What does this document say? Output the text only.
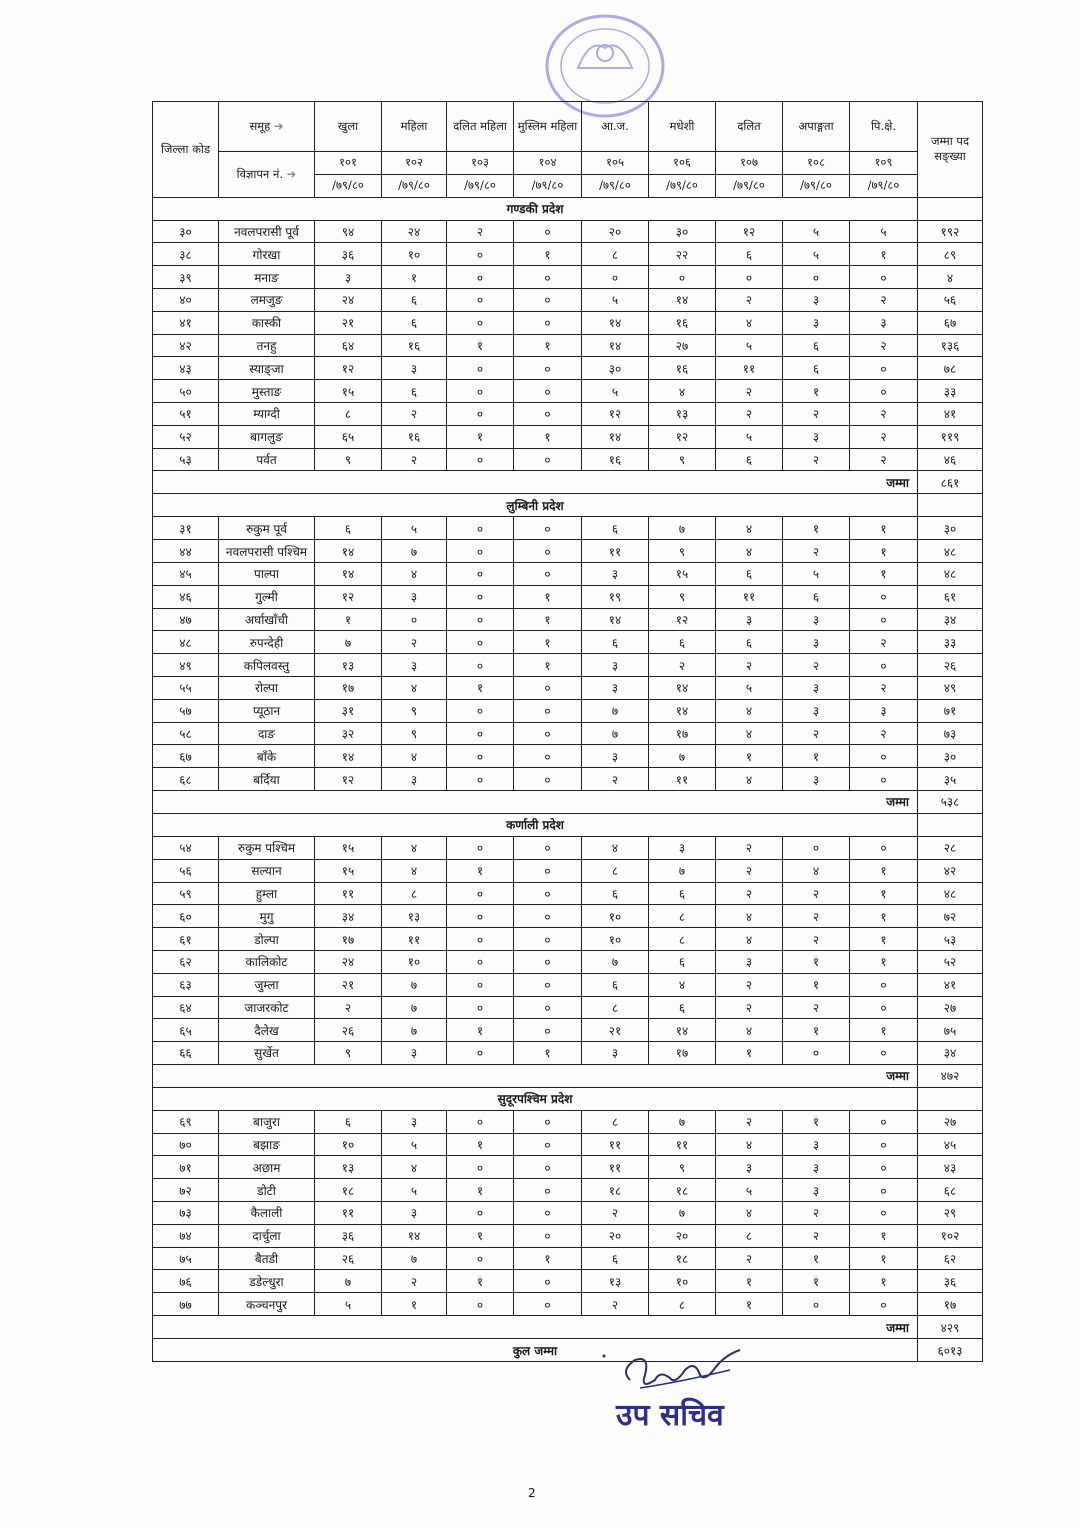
जिल्ला कोड	समूह ➜	खुला	महिला	दलित महिला	मुस्लिम महिला	आ.ज.	मधेशी	दलित	अपाङ्गता	पि.क्षे.	जम्मा पद सङ्ख्या
	विज्ञापन नं. ➜	१०१	१०२	१०३	१०४	१०५	१०६	१०७	१०८	१०९	
		/७९/८०	/७९/८०	/७९/८०	/७९/८०	/७९/८०	/७९/८०	/७९/८०	/७९/८०	/७९/८०	
गण्डकी प्रदेश											
३०	नवलपरासी पूर्व	९४	२४	२	०	२०	३०	१२	५	५	१९२
३८	गोरखा	३६	१०	०	१	८	२२	६	५	१	८९
३९	मनाङ	३	१	०	०	०	०	०	०	०	४
४०	लमजुङ	२४	६	०	०	५	१४	२	३	२	५६
४१	कास्की	२१	६	०	०	१४	१६	४	३	३	६७
४२	तनहु	६४	१६	१	१	१४	२७	५	६	२	१३६
४३	स्याङ्जा	१२	३	०	०	३०	१६	११	६	०	७८
५०	मुस्ताङ	१५	६	०	०	५	४	२	१	०	३३
५१	म्याग्दी	८	२	०	०	१२	१३	२	२	२	४१
५२	बागलुङ	६५	१६	१	१	१४	१२	५	३	२	११९
५३	पर्वत	९	२	०	०	१६	९	६	२	२	४६
जम्मा											८६१
लुम्बिनी प्रदेश											
३१	रुकुम पूर्व	६	५	०	०	६	७	४	१	१	३०
४४	नवलपरासी पश्चिम	१४	७	०	०	११	९	४	२	१	४८
४५	पाल्पा	१४	४	०	०	३	१५	६	५	१	४८
४६	गुल्मी	१२	३	०	१	१९	९	११	६	०	६१
४७	अर्घाखाँची	१	०	०	१	१४	१२	३	३	०	३४
४८	रुपन्देही	७	२	०	१	६	६	६	३	२	३३
४९	कपिलवस्तु	१३	३	०	१	३	२	२	२	०	२६
५५	रोल्पा	१७	४	१	०	३	१४	५	३	२	४९
५७	प्यूठान	३१	९	०	०	७	१४	४	३	३	७१
५८	दाङ	३२	९	०	०	७	१७	४	२	२	७३
६७	बाँके	१४	४	०	०	३	७	१	१	०	३०
६८	बर्दिया	१२	३	०	०	२	११	४	३	०	३५
जम्मा											५३८
कर्णाली प्रदेश											
५४	रुकुम पश्चिम	१५	४	०	०	४	३	२	०	०	२८
५६	सल्यान	१५	४	१	०	८	७	२	४	१	४२
५९	हुम्ला	११	८	०	०	६	६	२	२	१	४८
६०	मुगु	३४	१३	०	०	१०	८	४	२	१	७२
६१	डोल्पा	१७	११	०	०	१०	८	४	२	१	५३
६२	कालिकोट	२४	१०	०	०	७	६	३	१	१	५२
६३	जुम्ला	२१	७	०	०	६	४	२	१	०	४१
६४	जाजरकोट	२	७	०	०	८	६	२	२	०	२७
६५	दैलेख	२६	७	१	०	२१	१४	४	१	१	७५
६६	सुर्खेत	९	३	०	१	३	१७	१	०	०	३४
जम्मा											४७२
सुदूरपश्चिम प्रदेश											
६९	बाजुरा	६	३	०	०	८	७	२	१	०	२७
७०	बझाङ	१०	५	१	०	११	११	४	३	०	४५
७१	अछाम	१३	४	०	०	११	९	३	३	०	४३
७२	डोटी	१८	५	१	०	१८	१८	५	३	०	६८
७३	कैलाली	११	३	०	०	२	७	४	२	०	२९
७४	दार्चुला	३६	१४	१	०	२०	२०	८	२	१	१०२
७५	बैतडी	२६	७	०	१	६	१८	२	१	१	६२
७६	डडेल्धुरा	७	२	१	०	१३	१०	१	१	१	३६
७७	कञ्चनपुर	५	१	०	०	२	८	१	०	०	१७
जम्मा											४२९
कुल जम्मा											६०१३
उप सचिव
2
